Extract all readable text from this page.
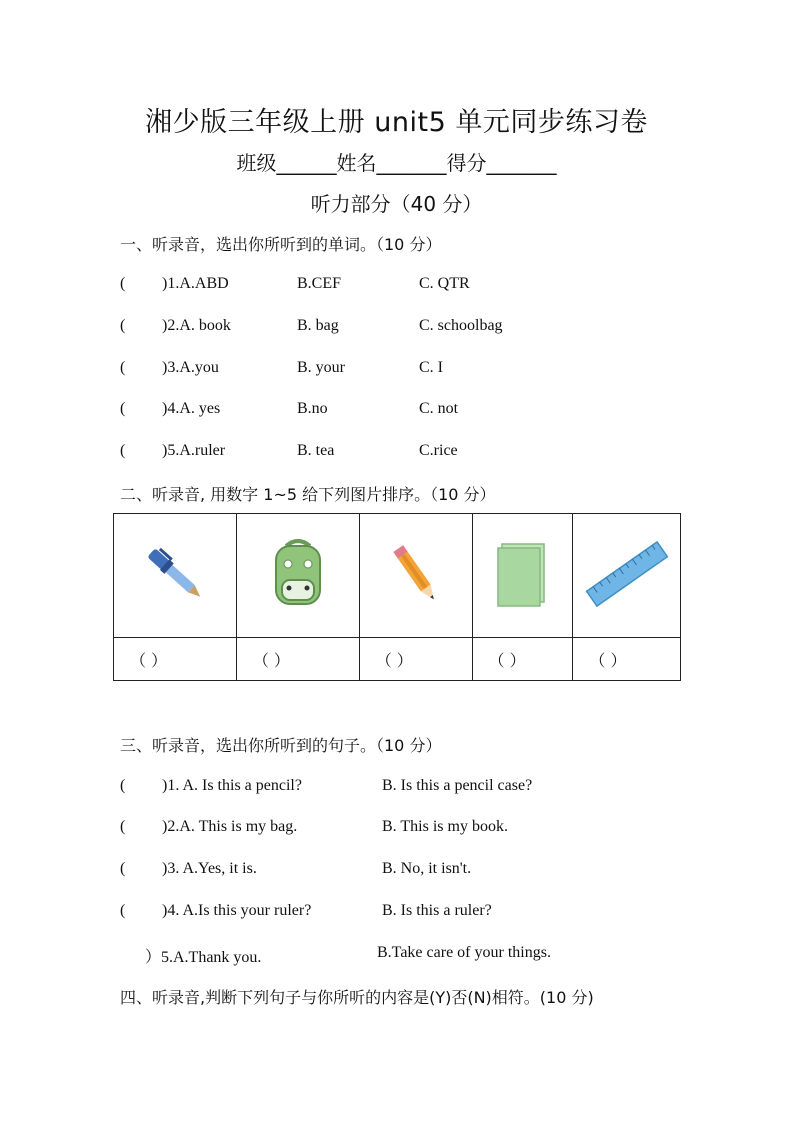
湘少版三年级上册 unit5 单元同步练习卷
班级______姓名_______得分_______
听力部分（40 分）
一、听录音，选出你所听到的单词。（10 分）
( )1.A.ABD	B.CEF	C. QTR
( )2.A. book	B. bag	C. schoolbag
( )3.A.you	B. your	C. I
( )4.A. yes	B.no	C. not
( )5.A.ruler	B. tea	C.rice
二、听录音, 用数字 1~5 给下列图片排序。（10 分）

（ ）	（ ）	（ ）	（ ）	（ ）
三、听录音，选出你所听到的句子。（10 分）
( )1. A. Is this a pencil?	B. Is this a pencil case?
( )2.A. This is my bag.	B. This is my book.
( )3. A.Yes, it is.	B. No, it isn't.
( )4. A.Is this your ruler?	B. Is this a ruler?
）5.A.Thank you.	B.Take care of your things.
四、听录音,判断下列句子与你所听的内容是(Y)否(N)相符。(10 分)
